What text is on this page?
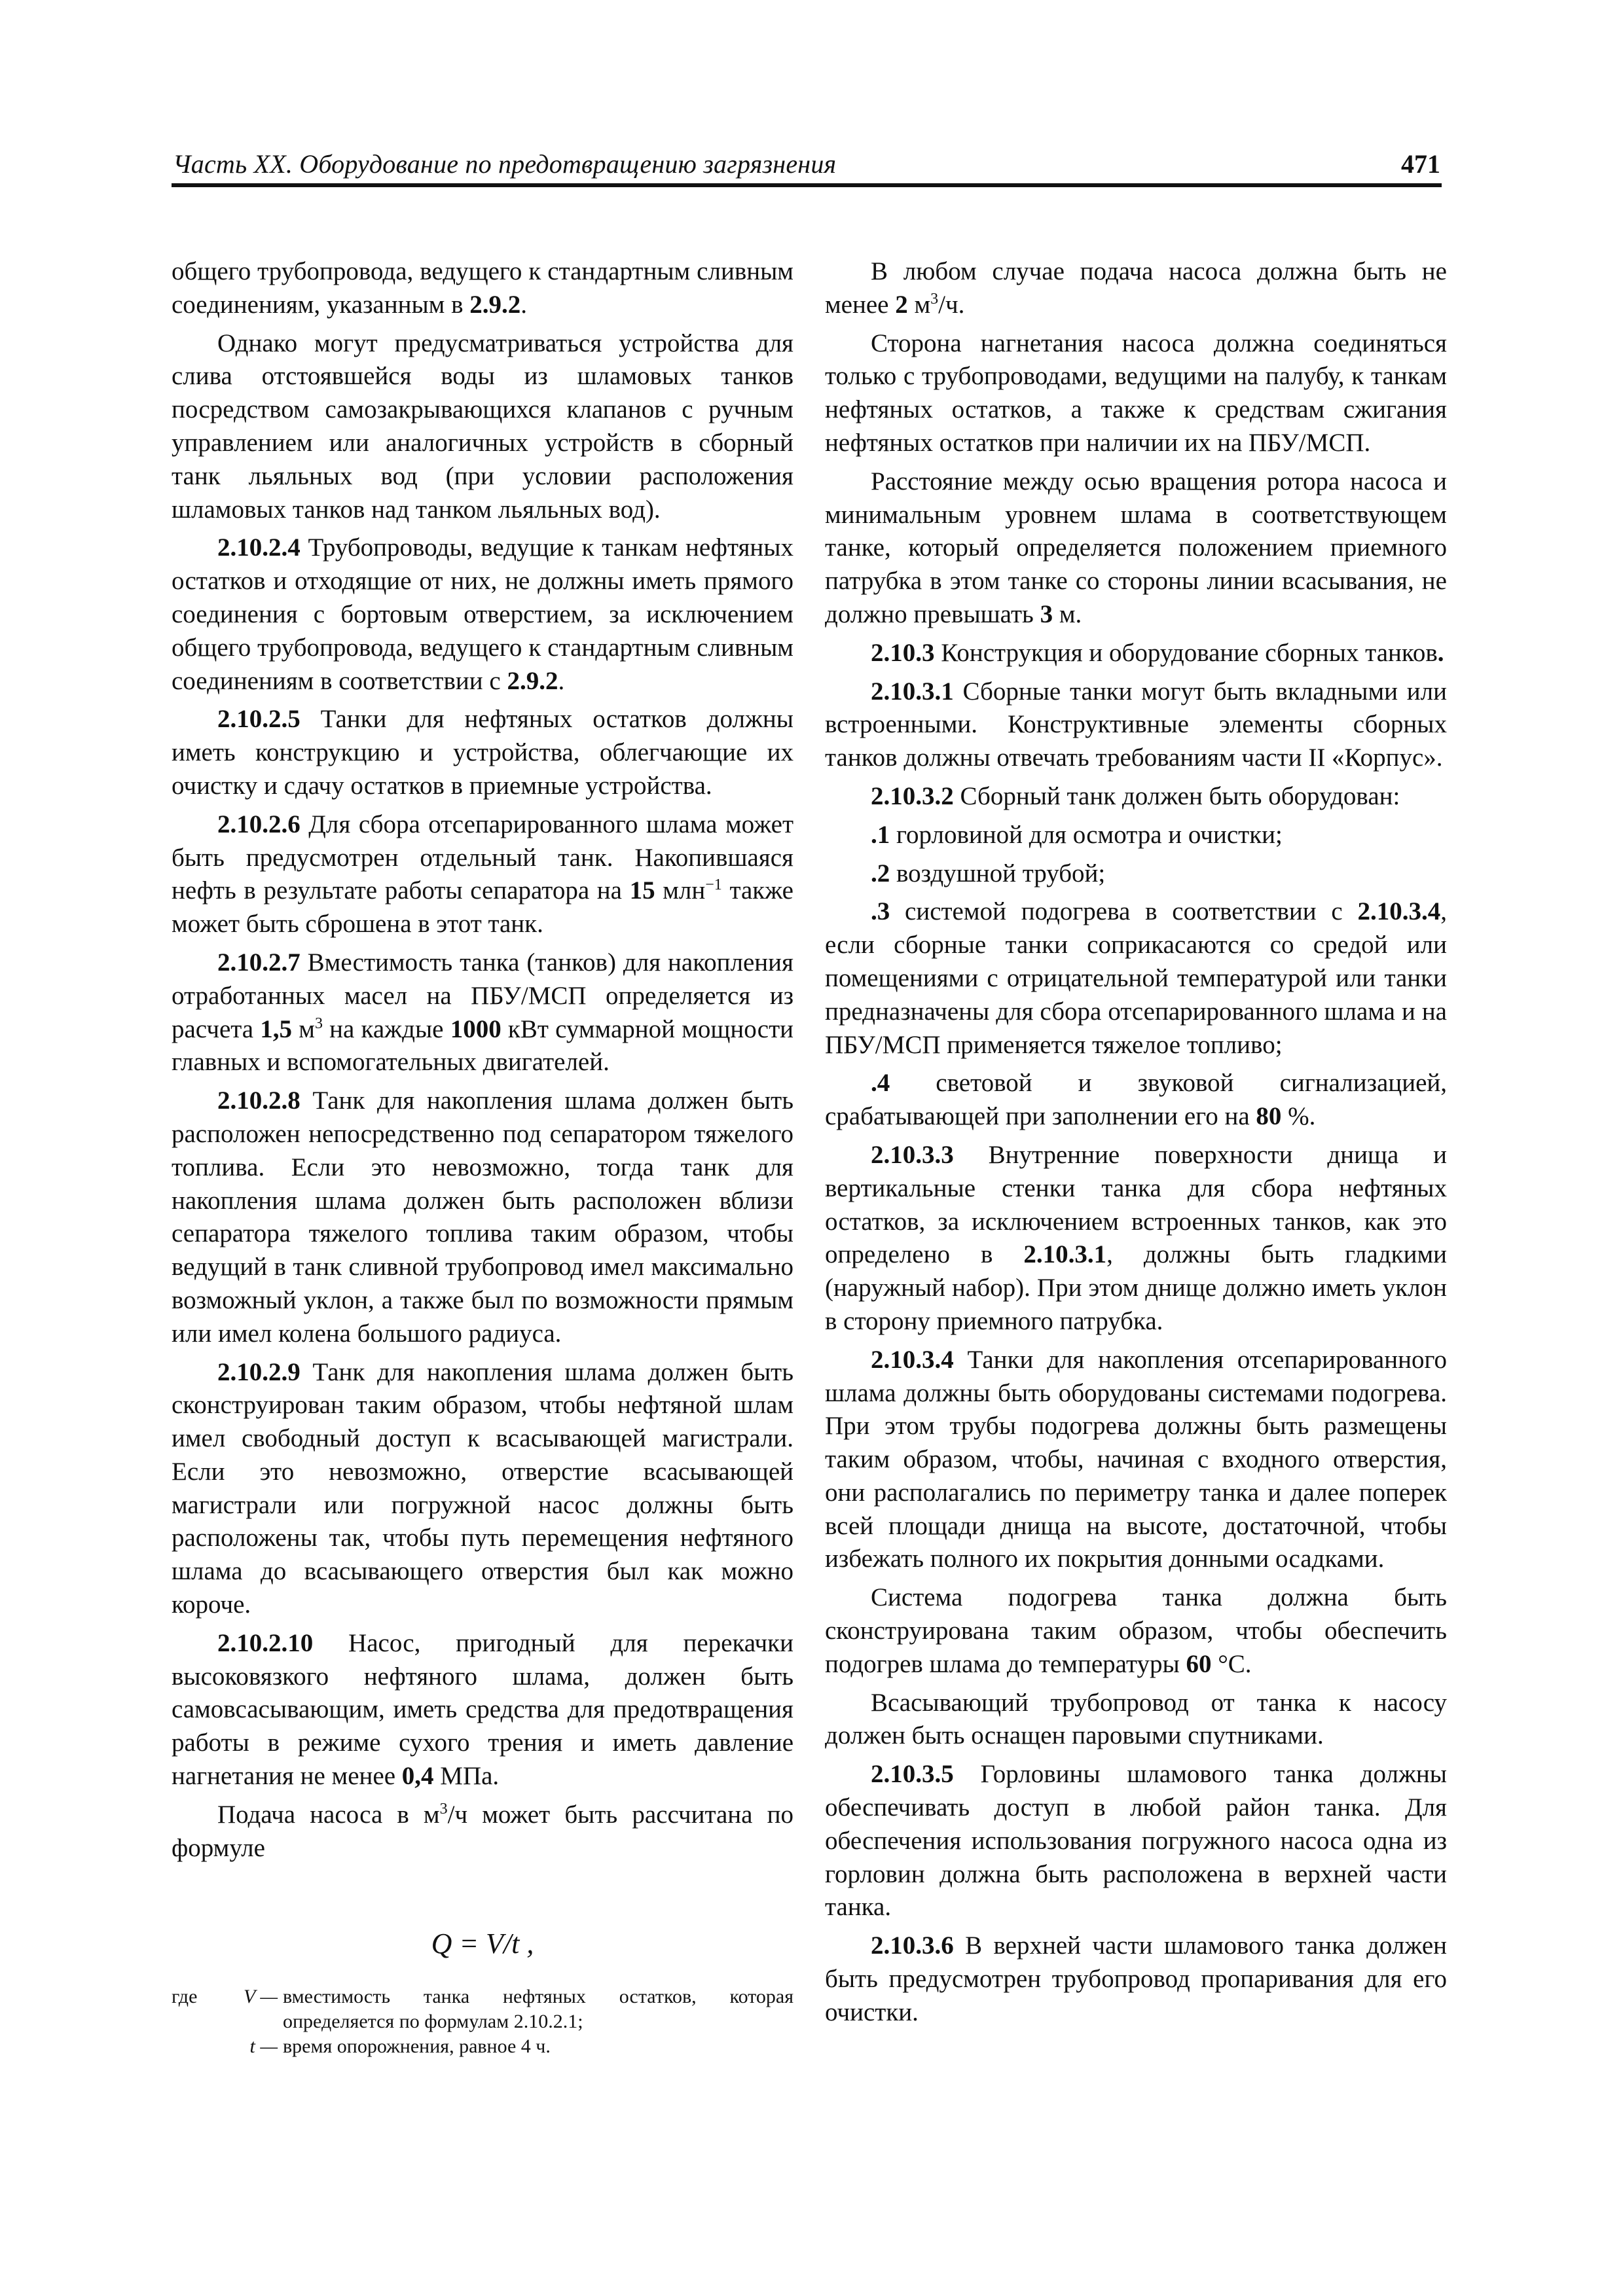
Часть XX. Оборудование по предотвращению загрязнения	471

общего трубопровода, ведущего к стандартным сливным соединениям, указанным в 2.9.2.

Однако могут предусматриваться устройства для слива отстоявшейся воды из шламовых танков посредством самозакрывающихся клапанов с ручным управлением или аналогичных устройств в сборный танк льяльных вод (при условии расположения шламовых танков над танком льяльных вод).

2.10.2.4 Трубопроводы, ведущие к танкам нефтяных остатков и отходящие от них, не должны иметь прямого соединения с бортовым отверстием, за исключением общего трубопровода, ведущего к стандартным сливным соединениям в соответствии с 2.9.2.

2.10.2.5 Танки для нефтяных остатков должны иметь конструкцию и устройства, облегчающие их очистку и сдачу остатков в приемные устройства.

2.10.2.6 Для сбора отсепарированного шлама может быть предусмотрен отдельный танк. Накопившаяся нефть в результате работы сепаратора на 15 млн$^{-1}$ также может быть сброшена в этот танк.

2.10.2.7 Вместимость танка (танков) для накопления отработанных масел на ПБУ/МСП определяется из расчета 1,5 $м^3$ на каждые 1000 кВт суммарной мощности главных и вспомогательных двигателей.

2.10.2.8 Танк для накопления шлама должен быть расположен непосредственно под сепаратором тяжелого топлива. Если это невозможно, тогда танк для накопления шлама должен быть расположен вблизи сепаратора тяжелого топлива таким образом, чтобы ведущий в танк сливной трубопровод имел максимально возможный уклон, а также был по возможности прямым или имел колена большого радиуса.

2.10.2.9 Танк для накопления шлама должен быть сконструирован таким образом, чтобы нефтяной шлам имел свободный доступ к всасывающей магистрали. Если это невозможно, отверстие всасывающей магистрали или погружной насос должны быть расположены так, чтобы путь перемещения нефтяного шлама до всасывающего отверстия был как можно короче.

2.10.2.10 Насос, пригодный для перекачки высоковязкого нефтяного шлама, должен быть самовсасывающим, иметь средства для предотвращения работы в режиме сухого трения и иметь давление нагнетания не менее 0,4 МПа.

Подача насоса в $м^3/ч$ может быть рассчитана по формуле

Q = V/t ,
где	V — вместимость танка нефтяных остатков, которая определяется по формулам 2.10.2.1;
t — время опорожнения, равное 4 ч.

В любом случае подача насоса должна быть не менее 2 $м^3/ч$.

Сторона нагнетания насоса должна соединяться только с трубопроводами, ведущими на палубу, к танкам нефтяных остатков, а также к средствам сжигания нефтяных остатков при наличии их на ПБУ/МСП.

Расстояние между осью вращения ротора насоса и минимальным уровнем шлама в соответствующем танке, который определяется положением приемного патрубка в этом танке со стороны линии всасывания, не должно превышать 3 м.

2.10.3 Конструкция и оборудование сборных танков.

2.10.3.1 Сборные танки могут быть вкладными или встроенными. Конструктивные элементы сборных танков должны отвечать требованиям части II «Корпус».

2.10.3.2 Сборный танк должен быть оборудован:

.1 горловиной для осмотра и очистки;

.2 воздушной трубой;

.3 системой подогрева в соответствии с 2.10.3.4, если сборные танки соприкасаются со средой или помещениями с отрицательной температурой или танки предназначены для сбора отсепарированного шлама и на ПБУ/МСП применяется тяжелое топливо;

.4 световой и звуковой сигнализацией, срабатывающей при заполнении его на 80 %.

2.10.3.3 Внутренние поверхности днища и вертикальные стенки танка для сбора нефтяных остатков, за исключением встроенных танков, как это определено в 2.10.3.1, должны быть гладкими (наружный набор). При этом днище должно иметь уклон в сторону приемного патрубка.

2.10.3.4 Танки для накопления отсепарированного шлама должны быть оборудованы системами подогрева. При этом трубы подогрева должны быть размещены таким образом, чтобы, начиная с входного отверстия, они располагались по периметру танка и далее поперек всей площади днища на высоте, достаточной, чтобы избежать полного их покрытия донными осадками.

Система подогрева танка должна быть сконструирована таким образом, чтобы обеспечить подогрев шлама до температуры 60 °С.

Всасывающий трубопровод от танка к насосу должен быть оснащен паровыми спутниками.

2.10.3.5 Горловины шламового танка должны обеспечивать доступ в любой район танка. Для обеспечения использования погружного насоса одна из горловин должна быть расположена в верхней части танка.

2.10.3.6 В верхней части шламового танка должен быть предусмотрен трубопровод пропаривания для его очистки.
